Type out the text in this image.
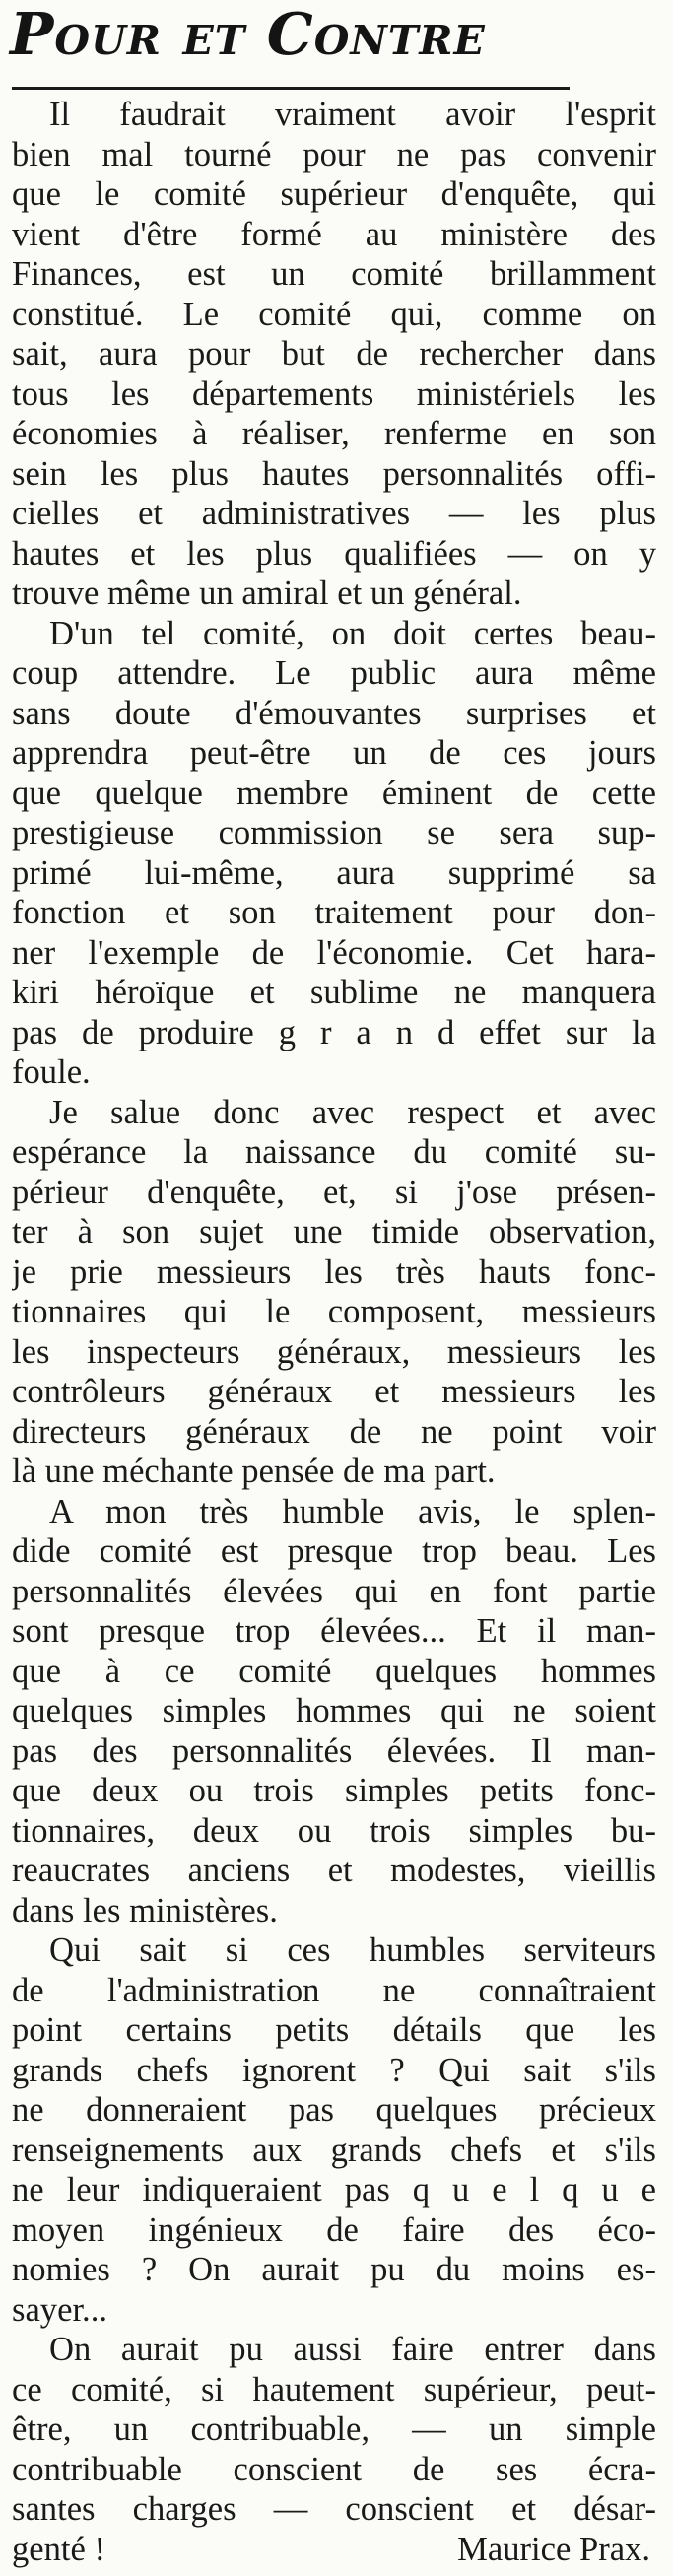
Pour et Contre
Il faudrait vraiment avoir l'esprit
bien mal tourné pour ne pas convenir
que le comité supérieur d'enquête, qui
vient d'être formé au ministère des
Finances, est un comité brillamment
constitué. Le comité qui, comme on
sait, aura pour but de rechercher dans
tous les départements ministériels les
économies à réaliser, renferme en son
sein les plus hautes personnalités offi-
cielles et administratives — les plus
hautes et les plus qualifiées — on y
trouve même un amiral et un général.
D'un tel comité, on doit certes beau-
coup attendre. Le public aura même
sans doute d'émouvantes surprises et
apprendra peut-être un de ces jours
que quelque membre éminent de cette
prestigieuse commission se sera sup-
primé lui-même, aura supprimé sa
fonction et son traitement pour don-
ner l'exemple de l'économie. Cet hara-
kiri héroïque et sublime ne manquera
pas de produire g r a n d effet sur la
foule.
Je salue donc avec respect et avec
espérance la naissance du comité su-
périeur d'enquête, et, si j'ose présen-
ter à son sujet une timide observation,
je prie messieurs les très hauts fonc-
tionnaires qui le composent, messieurs
les inspecteurs généraux, messieurs les
contrôleurs généraux et messieurs les
directeurs généraux de ne point voir
là une méchante pensée de ma part.
A mon très humble avis, le splen-
dide comité est presque trop beau. Les
personnalités élevées qui en font partie
sont presque trop élevées... Et il man-
que à ce comité quelques hommes
quelques simples hommes qui ne soient
pas des personnalités élevées. Il man-
que deux ou trois simples petits fonc-
tionnaires, deux ou trois simples bu-
reaucrates anciens et modestes, vieillis
dans les ministères.
Qui sait si ces humbles serviteurs
de l'administration ne connaîtraient
point certains petits détails que les
grands chefs ignorent ? Qui sait s'ils
ne donneraient pas quelques précieux
renseignements aux grands chefs et s'ils
ne leur indiqueraient pas q u e l q u e
moyen ingénieux de faire des éco-
nomies ? On aurait pu du moins es-
sayer...
On aurait pu aussi faire entrer dans
ce comité, si hautement supérieur, peut-
être, un contribuable, — un simple
contribuable conscient de ses écra-
santes charges — conscient et désar-
genté !	Maurice Prax.
